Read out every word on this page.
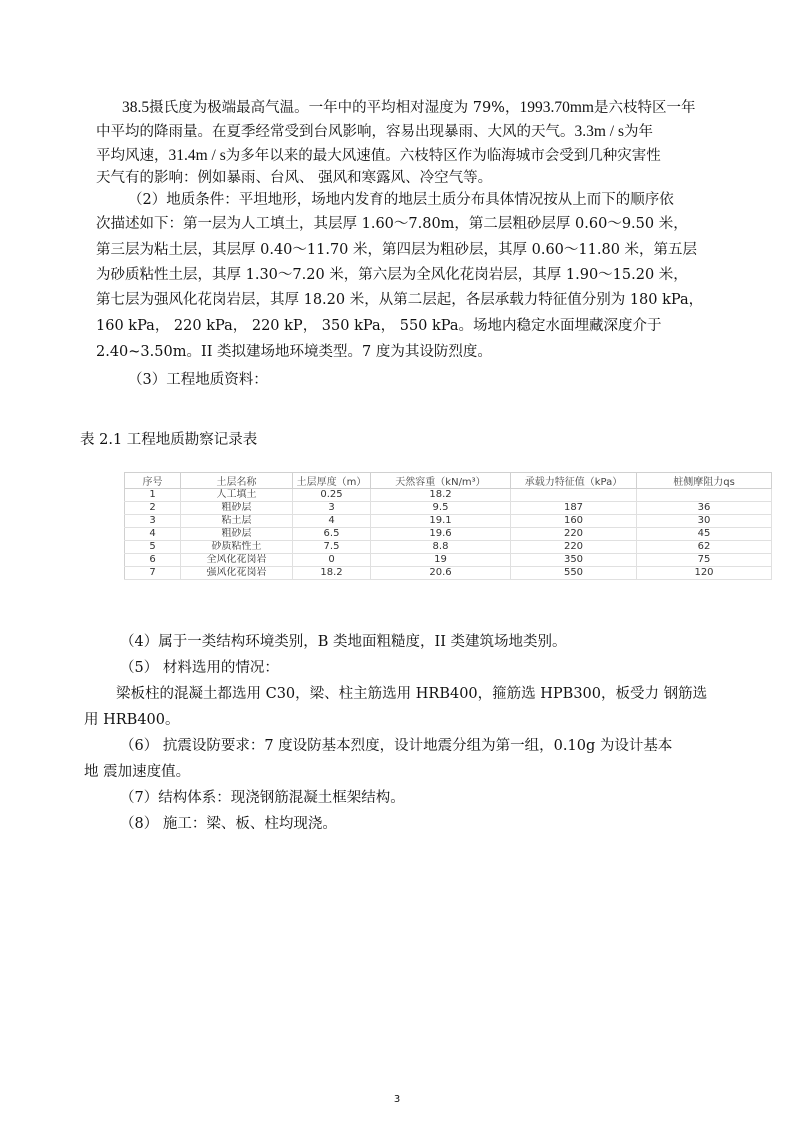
38.5摄氏度为极端最高气温。一年中的平均相对湿度为 79%，1993.70mm是六枝特区一年
中平均的降雨量。在夏季经常受到台风影响，容易出现暴雨、大风的天气。3.3m / s为年
平均风速，31.4m / s为多年以来的最大风速值。六枝特区作为临海城市会受到几种灾害性
天气有的影响：例如暴雨、台风、 强风和寒露风、冷空气等。
（2）地质条件：平坦地形，场地内发育的地层土质分布具体情况按从上而下的顺序依
次描述如下：第一层为人工填土，其层厚 1.60～7.80m，第二层粗砂层厚 0.60～9.50 米，
第三层为粘土层，其层厚 0.40～11.70 米，第四层为粗砂层，其厚 0.60～11.80 米，第五层
为砂质粘性土层，其厚 1.30～7.20 米，第六层为全风化花岗岩层，其厚 1.90～15.20 米，
第七层为强风化花岗岩层，其厚 18.20 米，从第二层起，各层承载力特征值分别为 180 kPa，
160 kPa， 220 kPa， 220 kP， 350 kPa， 550 kPa。场地内稳定水面埋藏深度介于
2.40~3.50m。II 类拟建场地环境类型。7 度为其设防烈度。
（3）工程地质资料：
表 2.1 工程地质勘察记录表
序号	土层名称	土层厚度（m）	天然容重（kN/m³）	承载力特征值（kPa）	桩侧摩阻力qs
1	人工填土	0.25	18.2		
2	粗砂层	3	9.5	187	36
3	粘土层	4	19.1	160	30
4	粗砂层	6.5	19.6	220	45
5	砂质粘性土	7.5	8.8	220	62
6	全风化花岗岩	0	19	350	75
7	强风化花岗岩	18.2	20.6	550	120
（4）属于一类结构环境类别，B 类地面粗糙度，II 类建筑场地类别。
（5） 材料选用的情况：
梁板柱的混凝土都选用 C30，梁、柱主筋选用 HRB400，箍筋选 HPB300，板受力 钢筋选
用 HRB400。
（6） 抗震设防要求：7 度设防基本烈度，设计地震分组为第一组，0.10g 为设计基本
地 震加速度值。
（7）结构体系：现浇钢筋混凝土框架结构。
（8） 施工：梁、板、柱均现浇。
3
